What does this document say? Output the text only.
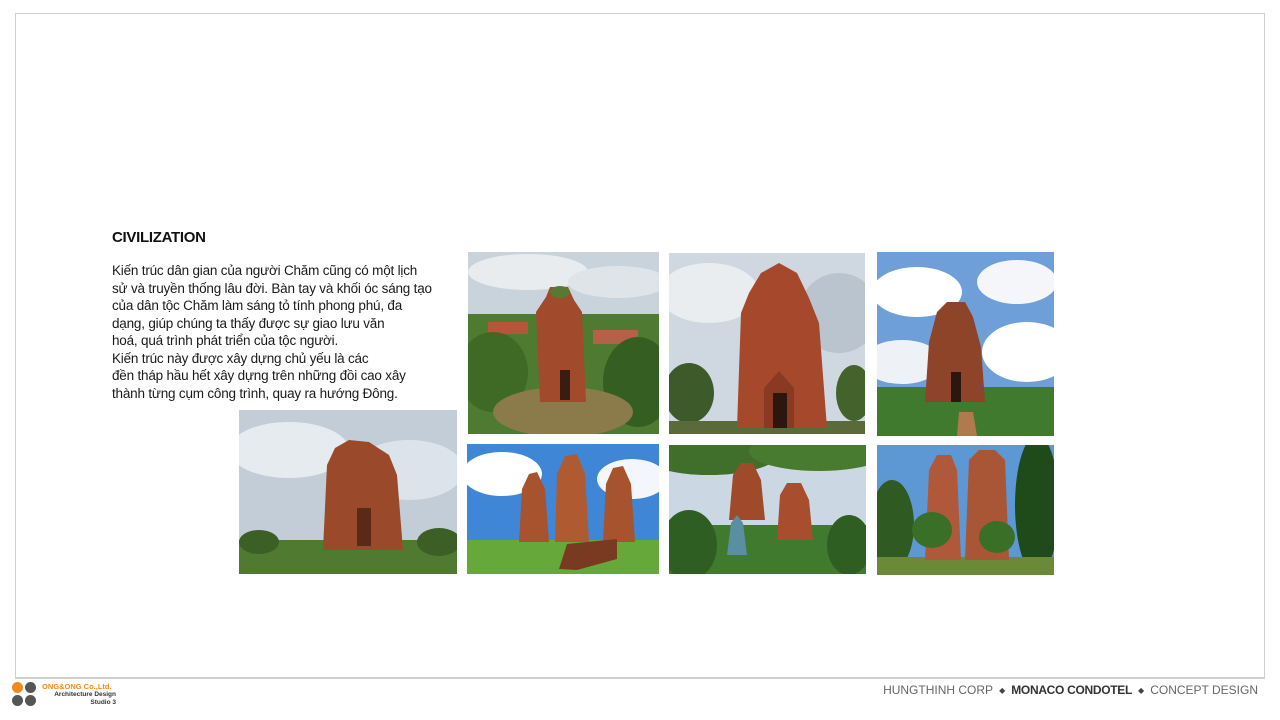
CIVILIZATION
Kiến trúc dân gian của người Chăm cũng có một lịch
sử và truyền thống lâu đời. Bàn tay và khối óc sáng tạo
của dân tộc Chăm làm sáng tỏ tính phong phú, đa
dạng, giúp chúng ta thấy được sự giao lưu văn
hoá, quá trình phát triển của tộc người.
Kiến trúc này được xây dựng chủ yếu là các
đền tháp hầu hết xây dựng trên những đồi cao xây
thành từng cụm công trình, quay ra hướng Đông.
ONG&ONG Co.,Ltd.
Architecture Design Studio 3
HUNGTHINH CORP ◆ MONACO CONDOTEL ◆ CONCEPT DESIGN
